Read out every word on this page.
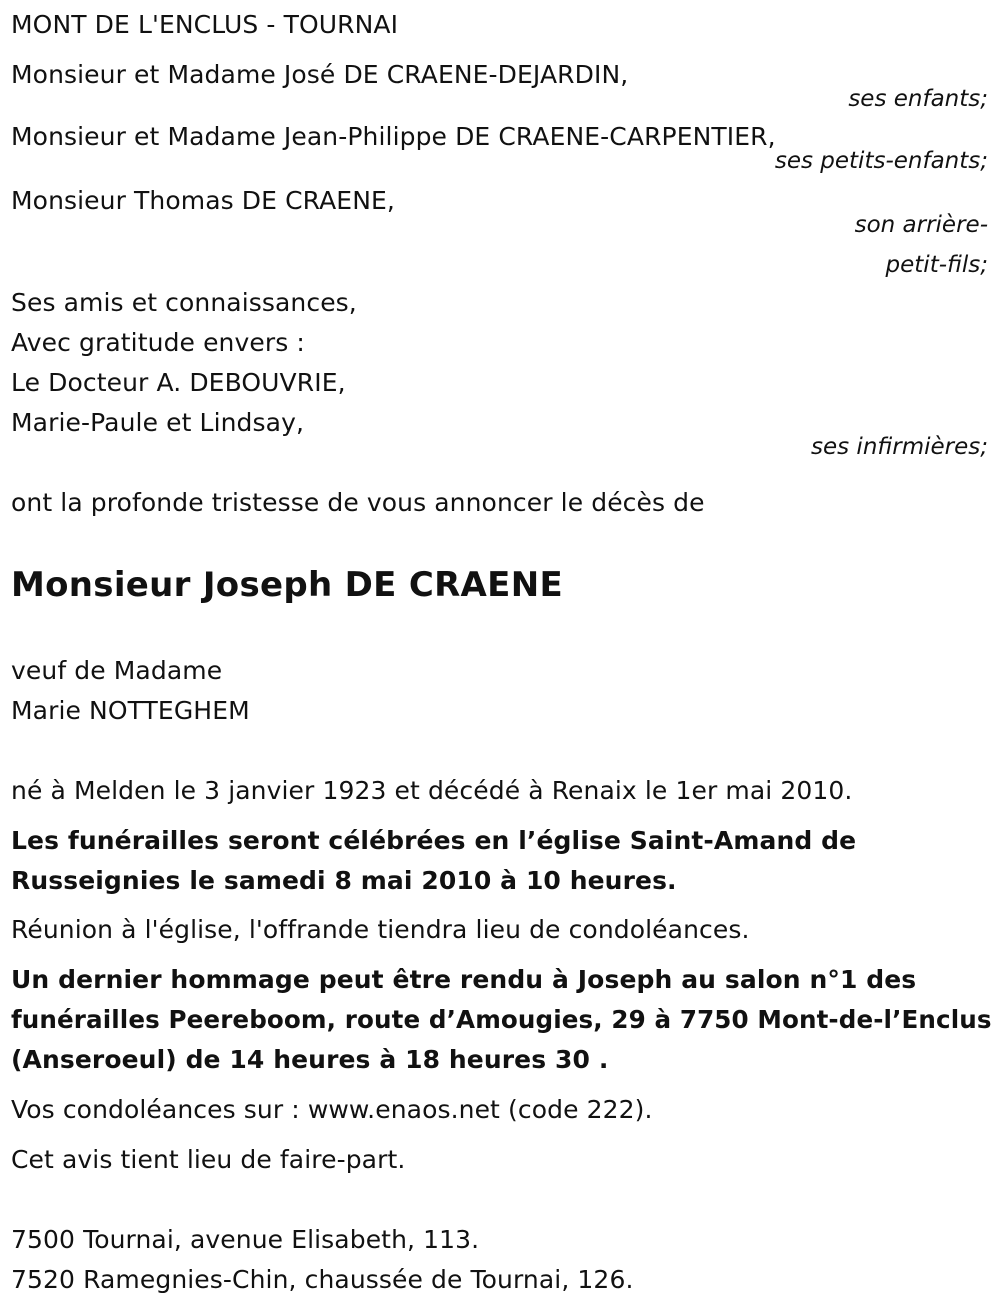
MONT DE L'ENCLUS - TOURNAI

Monsieur et Madame José DE CRAENE-DEJARDIN,

ses enfants;

Monsieur et Madame Jean-Philippe DE CRAENE-CARPENTIER,

ses petits-enfants;

Monsieur Thomas DE CRAENE,

son arrière-

petit-fils;

Ses amis et connaissances,

Avec gratitude envers :

Le Docteur A. DEBOUVRIE,

Marie-Paule et Lindsay,

ses infirmières;

ont la profonde tristesse de vous annoncer le décès de

Monsieur Joseph DE CRAENE

veuf de Madame

Marie NOTTEGHEM

né à Melden le 3 janvier 1923 et décédé à Renaix le 1er mai 2010.

Les funérailles seront célébrées en l’église Saint-Amand de

Russeignies le samedi 8 mai 2010 à 10 heures.

Réunion à l'église, l'offrande tiendra lieu de condoléances.

Un dernier hommage peut être rendu à Joseph au salon n°1 des

funérailles Peereboom, route d’Amougies, 29 à 7750 Mont-de-l’Enclus

(Anseroeul) de 14 heures à 18 heures 30 .

Vos condoléances sur : www.enaos.net (code 222).

Cet avis tient lieu de faire-part.

7500 Tournai, avenue Elisabeth, 113.

7520 Ramegnies-Chin, chaussée de Tournai, 126.
